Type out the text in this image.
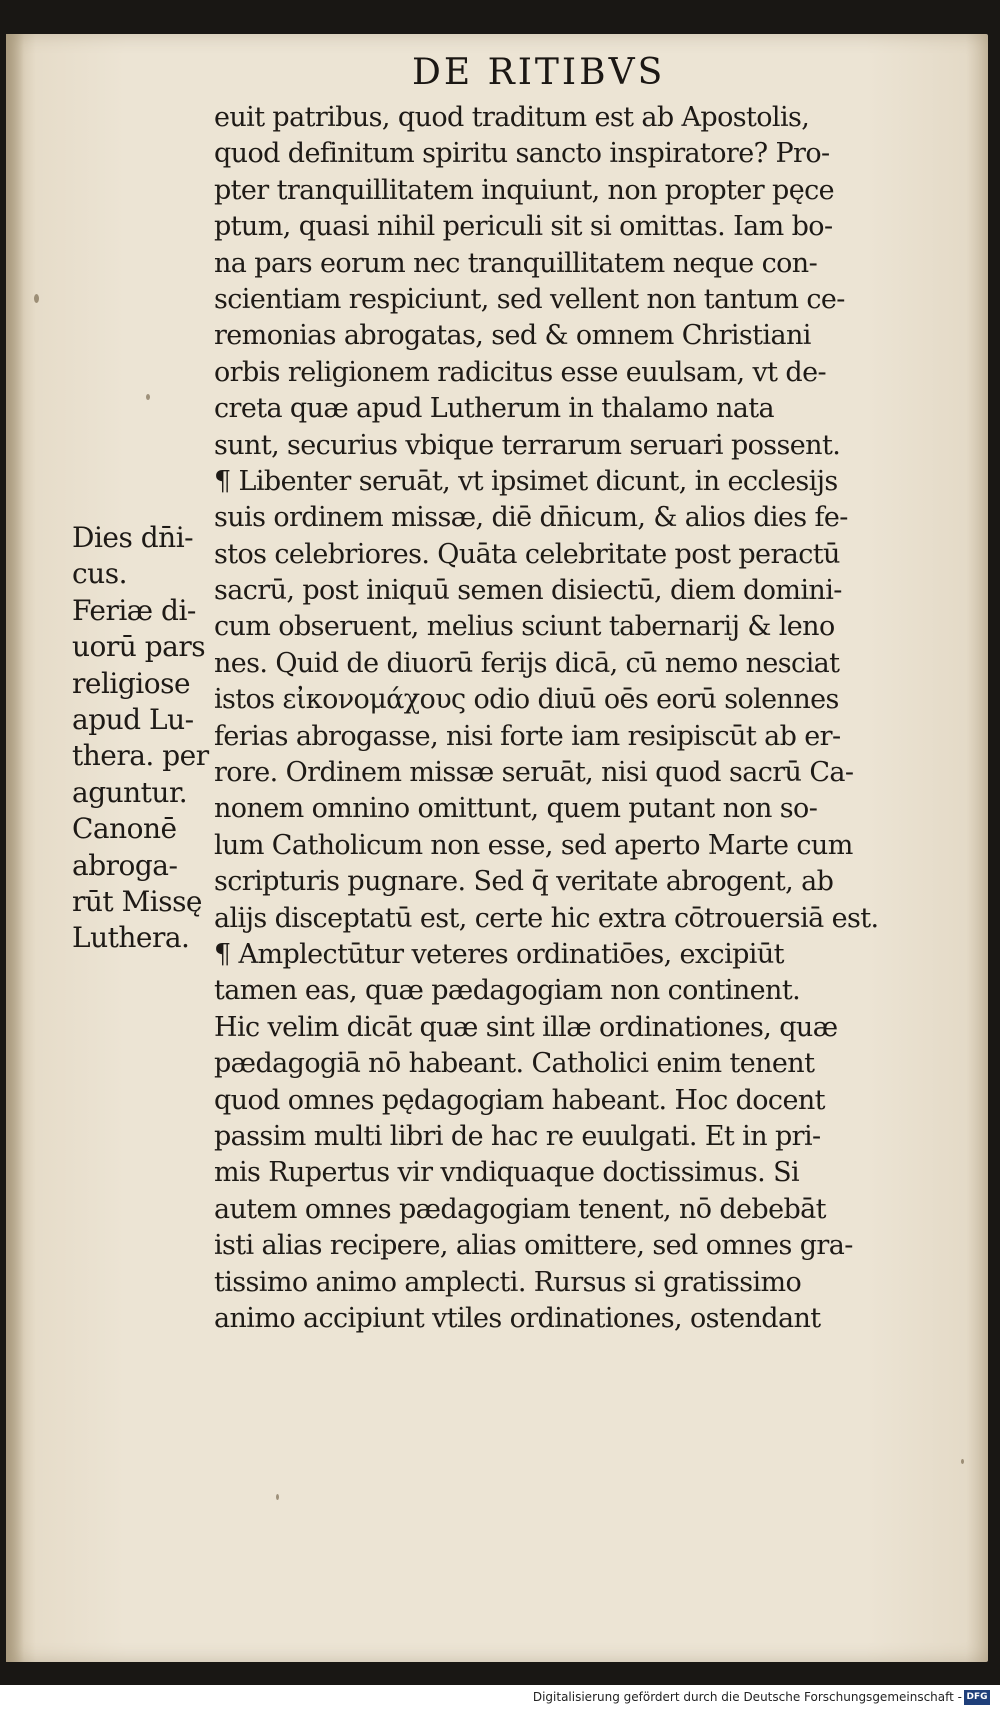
DE RITIBVS
euit patribus, quod traditum est ab Apostolis,
quod definitum spiritu sancto inspiratore? Pro-
pter tranquillitatem inquiunt, non propter pęce
ptum, quasi nihil periculi sit si omittas. Iam bo-
na pars eorum nec tranquillitatem neque con-
scientiam respiciunt, sed vellent non tantum ce-
remonias abrogatas, sed & omnem Christiani
orbis religionem radicitus esse euulsam, vt de-
creta quæ apud Lutherum in thalamo nata
sunt, securius vbique terrarum seruari possent.
¶ Libenter seruāt, vt ipsimet dicunt, in ecclesijs
suis ordinem missæ, diē dn̄icum, & alios dies fe-
stos celebriores. Quāta celebritate post peractū
sacrū, post iniquū semen disiectū, diem domini-
cum obseruent, melius sciunt tabernarij & leno
nes. Quid de diuorū ferijs dicā, cū nemo nesciat
istos εἰκονομάχους odio diuū oēs eorū solennes
ferias abrogasse, nisi forte iam resipiscūt ab er-
rore. Ordinem missæ seruāt, nisi quod sacrū Ca-
nonem omnino omittunt, quem putant non so-
lum Catholicum non esse, sed aperto Marte cum
scripturis pugnare. Sed q̄ veritate abrogent, ab
alijs disceptatū est, certe hic extra cōtrouersiā est.
¶ Amplectūtur veteres ordinatiōes, excipiūt
tamen eas, quæ pædagogiam non continent.
Hic velim dicāt quæ sint illæ ordinationes, quæ
pædagogiā nō habeant. Catholici enim tenent
quod omnes pędagogiam habeant. Hoc docent
passim multi libri de hac re euulgati. Et in pri-
mis Rupertus vir vndiquaque doctissimus. Si
autem omnes pædagogiam tenent, nō debebāt
isti alias recipere, alias omittere, sed omnes gra-
tissimo animo amplecti. Rursus si gratissimo
animo accipiunt vtiles ordinationes, ostendant
Dies dn̄i-
cus.
Feriæ di-
uorū pars
religiose
apud Lu-
thera. per
aguntur.
Canonē
abroga-
rūt Missę
Luthera.
Digitalisierung gefördert durch die Deutsche Forschungsgemeinschaft - DFG
